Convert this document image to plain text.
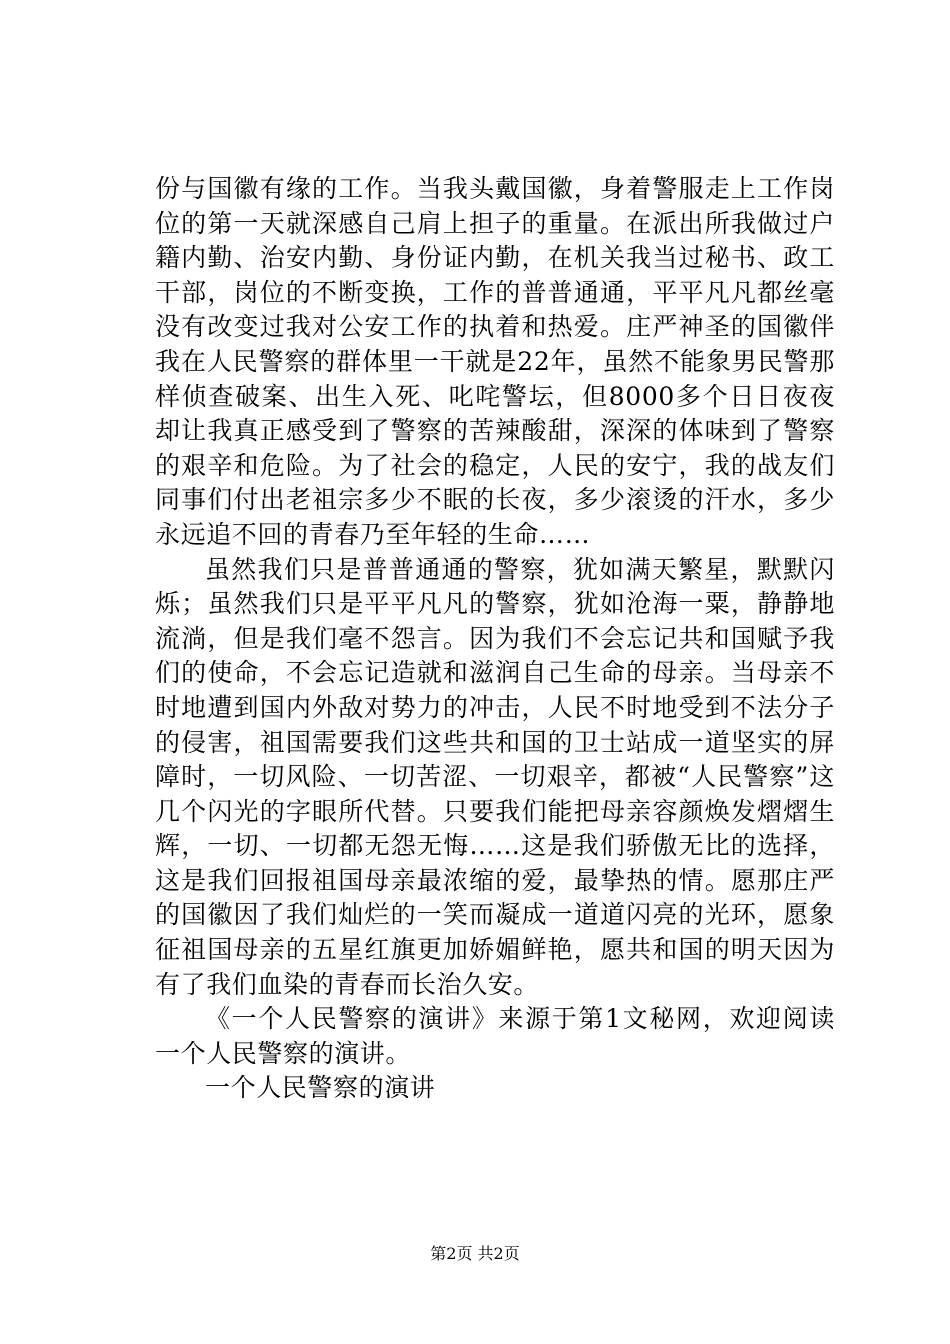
份与国徽有缘的工作。当我头戴国徽，身着警服走上工作岗位的第一天就深感自己肩上担子的重量。在派出所我做过户籍内勤、治安内勤、身份证内勤，在机关我当过秘书、政工干部，岗位的不断变换，工作的普普通通，平平凡凡都丝毫没有改变过我对公安工作的执着和热爱。庄严神圣的国徽伴我在人民警察的群体里一干就是22年，虽然不能象男民警那样侦查破案、出生入死、叱咤警坛，但8000多个日日夜夜却让我真正感受到了警察的苦辣酸甜，深深的体味到了警察的艰辛和危险。为了社会的稳定，人民的安宁，我的战友们同事们付出老祖宗多少不眠的长夜，多少滚烫的汗水，多少永远追不回的青春乃至年轻的生命……

虽然我们只是普普通通的警察，犹如满天繁星，默默闪烁；虽然我们只是平平凡凡的警察，犹如沧海一粟，静静地流淌，但是我们毫不怨言。因为我们不会忘记共和国赋予我们的使命，不会忘记造就和滋润自己生命的母亲。当母亲不时地遭到国内外敌对势力的冲击，人民不时地受到不法分子的侵害，祖国需要我们这些共和国的卫士站成一道坚实的屏障时，一切风险、一切苦涩、一切艰辛，都被“人民警察”这几个闪光的字眼所代替。只要我们能把母亲容颜焕发熠熠生辉，一切、一切都无怨无悔……这是我们骄傲无比的选择，这是我们回报祖国母亲最浓缩的爱，最挚热的情。愿那庄严的国徽因了我们灿烂的一笑而凝成一道道闪亮的光环，愿象征祖国母亲的五星红旗更加娇媚鲜艳，愿共和国的明天因为有了我们血染的青春而长治久安。

《一个人民警察的演讲》来源于第1文秘网，欢迎阅读一个人民警察的演讲。

一个人民警察的演讲

第2页 共2页
